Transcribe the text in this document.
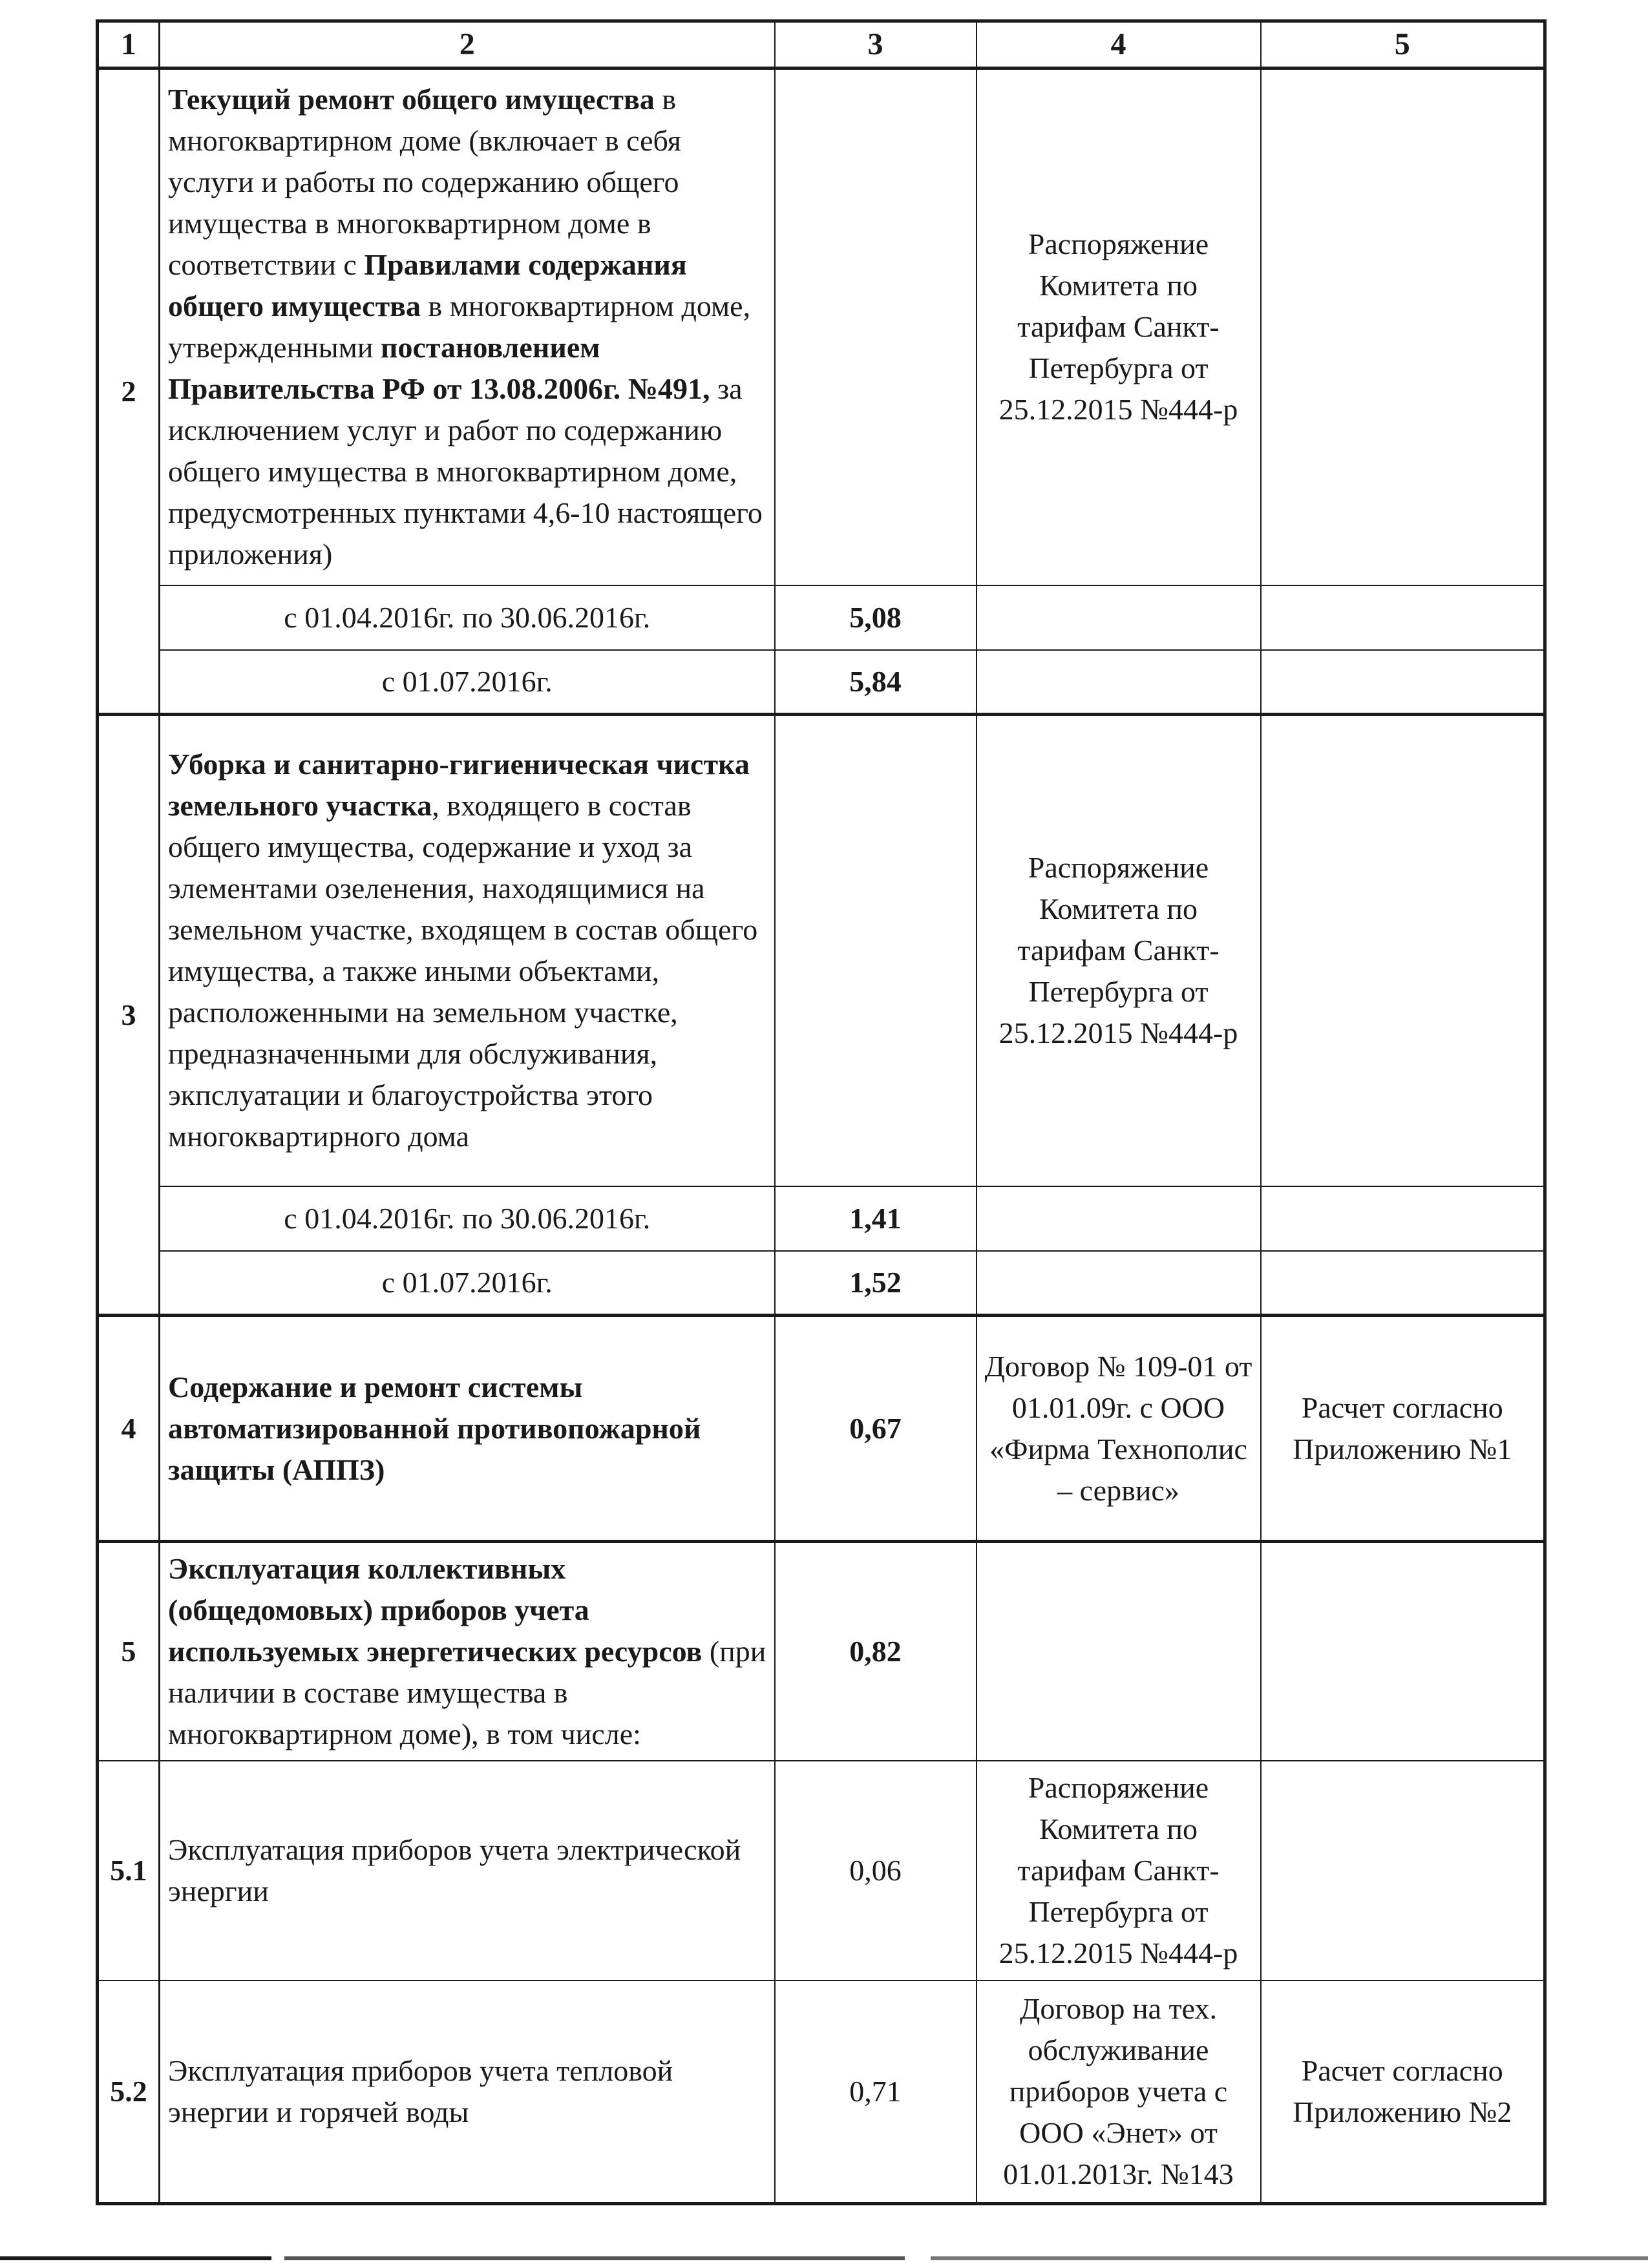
1	2	3	4	5
2	Текущий ремонт общего имущества в многоквартирном доме (включает в себя услуги и работы по содержанию общего имущества в многоквартирном доме в соответствии с Правилами содержания общего имущества в многоквартирном доме, утвержденными постановлением Правительства РФ от 13.08.2006г. №491, за исключением услуг и работ по содержанию общего имущества в многоквартирном доме, предусмотренных пунктами 4,6-10 настоящего приложения)		Распоряжение Комитета по тарифам Санкт-Петербурга от 25.12.2015 №444-р	
	с 01.04.2016г. по 30.06.2016г.	5,08		
	с 01.07.2016г.	5,84		
3	Уборка и санитарно-гигиеническая чистка земельного участка, входящего в состав общего имущества, содержание и уход за элементами озеленения, находящимися на земельном участке, входящем в состав общего имущества, а также иными объектами, расположенными на земельном участке, предназначенными для обслуживания, экпслуатации и благоустройства этого многоквартирного дома		Распоряжение Комитета по тарифам Санкт-Петербурга от 25.12.2015 №444-р	
	с 01.04.2016г. по 30.06.2016г.	1,41		
	с 01.07.2016г.	1,52		
4	Содержание и ремонт системы автоматизированной противопожарной защиты (АППЗ)	0,67	Договор № 109-01 от 01.01.09г. с ООО «Фирма Технополис – сервис»	Расчет согласно Приложению №1
5	Эксплуатация коллективных (общедомовых) приборов учета используемых энергетических ресурсов (при наличии в составе имущества в многоквартирном доме), в том числе:	0,82		
5.1	Эксплуатация приборов учета электрической энергии	0,06	Распоряжение Комитета по тарифам Санкт-Петербурга от 25.12.2015 №444-р	
5.2	Эксплуатация приборов учета тепловой энергии и горячей воды	0,71	Договор на тех. обслуживание приборов учета с ООО «Энет» от 01.01.2013г. №143	Расчет согласно Приложению №2
